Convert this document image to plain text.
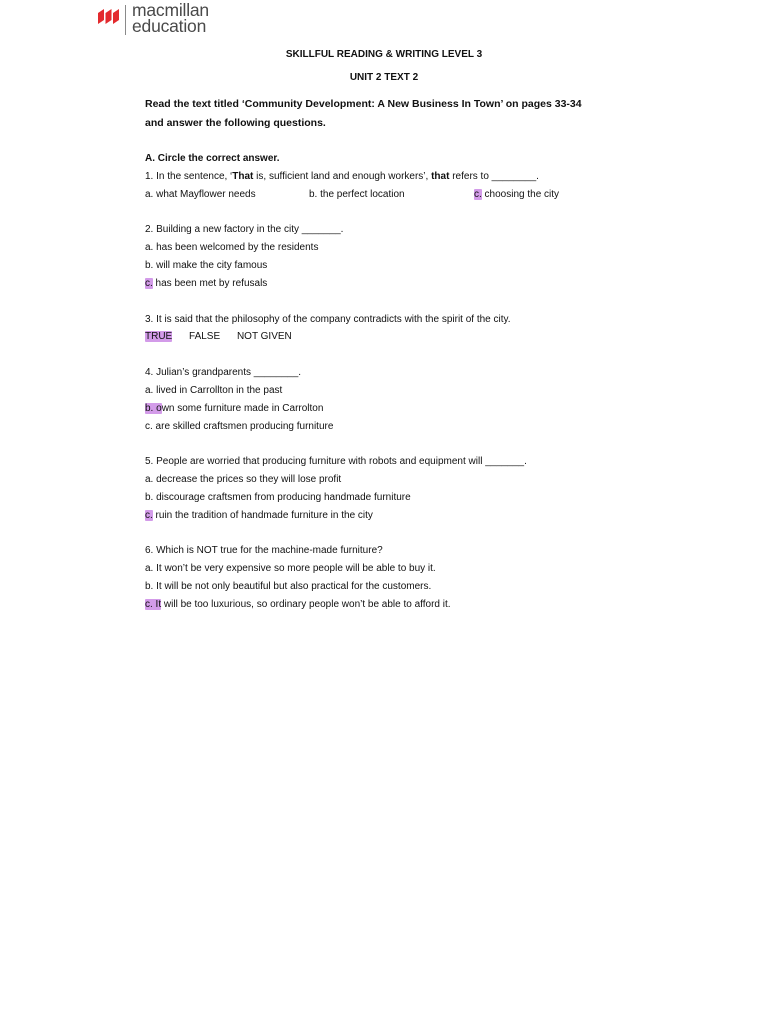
macmillan
education
SKILLFUL READING & WRITING LEVEL 3
UNIT 2 TEXT 2
Read the text titled ‘Community Development: A New Business In Town’ on pages 33-34
and answer the following questions.
A. Circle the correct answer.
1. In the sentence, ‘That is, sufficient land and enough workers’, that refers to ________.
a. what Mayflower needs	b. the perfect location	c. choosing the city
2. Building a new factory in the city _______.
a. has been welcomed by the residents
b. will make the city famous
c. has been met by refusals
3. It is said that the philosophy of the company contradicts with the spirit of the city.
TRUE FALSE NOT GIVEN
4. Julian’s grandparents ________.
a. lived in Carrollton in the past
b. own some furniture made in Carrolton
c. are skilled craftsmen producing furniture
5. People are worried that producing furniture with robots and equipment will _______.
a. decrease the prices so they will lose profit
b. discourage craftsmen from producing handmade furniture
c. ruin the tradition of handmade furniture in the city
6. Which is NOT true for the machine-made furniture?
a. It won’t be very expensive so more people will be able to buy it.
b. It will be not only beautiful but also practical for the customers.
c. It will be too luxurious, so ordinary people won’t be able to afford it.
